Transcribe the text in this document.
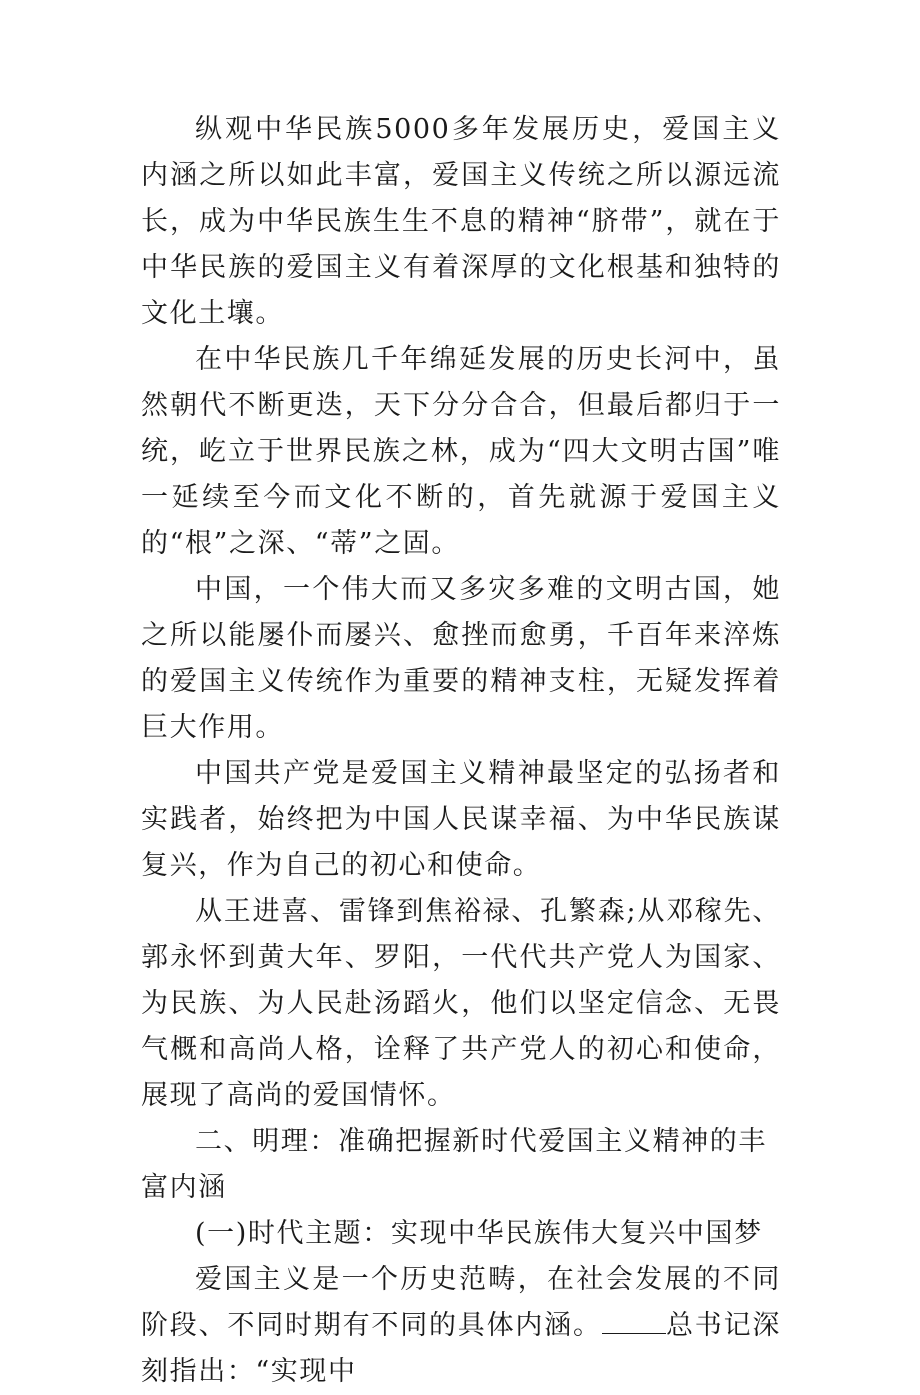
纵观中华民族5000多年发展历史，爱国主义内涵之所以如此丰富，爱国主义传统之所以源远流长，成为中华民族生生不息的精神“脐带”，就在于中华民族的爱国主义有着深厚的文化根基和独特的文化土壤。

在中华民族几千年绵延发展的历史长河中，虽然朝代不断更迭，天下分分合合，但最后都归于一统，屹立于世界民族之林，成为“四大文明古国”唯一延续至今而文化不断的，首先就源于爱国主义的“根”之深、“蒂”之固。

中国，一个伟大而又多灾多难的文明古国，她之所以能屡仆而屡兴、愈挫而愈勇，千百年来淬炼的爱国主义传统作为重要的精神支柱，无疑发挥着巨大作用。

中国共产党是爱国主义精神最坚定的弘扬者和实践者，始终把为中国人民谋幸福、为中华民族谋复兴，作为自己的初心和使命。

从王进喜、雷锋到焦裕禄、孔繁森;从邓稼先、郭永怀到黄大年、罗阳，一代代共产党人为国家、为民族、为人民赴汤蹈火，他们以坚定信念、无畏气概和高尚人格，诠释了共产党人的初心和使命，展现了高尚的爱国情怀。

二、明理：准确把握新时代爱国主义精神的丰富内涵

(一)时代主题：实现中华民族伟大复兴中国梦

爱国主义是一个历史范畴，在社会发展的不同阶段、不同时期有不同的具体内涵。 总书记深刻指出：“实现中
